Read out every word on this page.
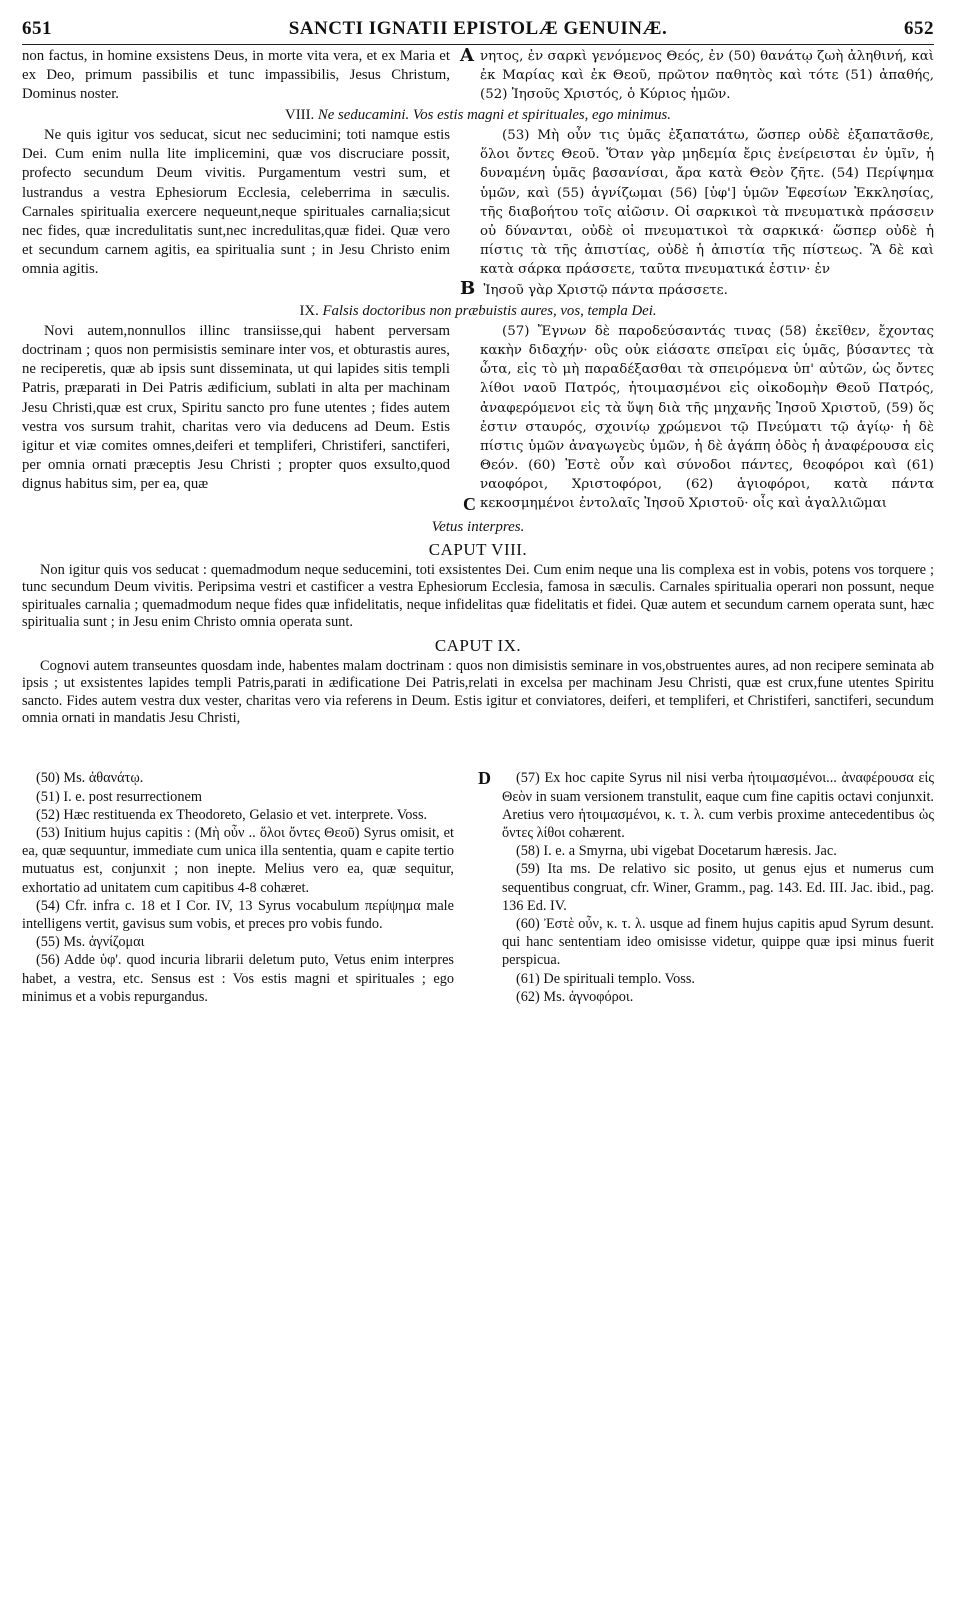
651	SANCTI IGNATII EPISTOLÆ GENUINÆ.	652
non factus, in homine exsistens Deus, in morte vita vera, et ex Maria et ex Deo, primum passibilis et tunc impassibilis, Jesus Christum, Dominus noster.
A νητος, ἐν σαρκὶ γενόμενος Θεός, ἐν (50) θανάτῳ ζωὴ ἀληθινή, καὶ ἐκ Μαρίας καὶ ἐκ Θεοῦ, πρῶτον παθητὸς καὶ τότε (51) ἀπαθής, (52) Ἰησοῦς Χριστός, ὁ Κύριος ἡμῶν.
VIII. Ne seducamini. Vos estis magni et spirituales, ego minimus.

Ne quis igitur vos seducat, sicut nec seducimini; toti namque estis Dei. Cum enim nulla lite implicemini, quæ vos discruciare possit, profecto secundum Deum vivitis. Purgamentum vestri sum, et lustrandus a vestra Ephesiorum Ecclesia, celeberrima in sæculis. Carnales spiritualia exercere nequeunt,neque spirituales carnalia;sicut nec fides, quæ incredulitatis sunt,nec incredulitas,quæ fidei. Quæ vero et secundum carnem agitis, ea spiritualia sunt ; in Jesu Christo enim omnia agitis.

(53) Μὴ οὖν τις ὑμᾶς ἐξαπατάτω, ὥσπερ οὐδὲ ἐξαπατᾶσθε, ὅλοι ὄντες Θεοῦ. Ὅταν γὰρ μηδεμία ἔρις ἐνείρεισται ἐν ὑμῖν, ἡ δυναμένη ὑμᾶς βασανίσαι, ἄρα κατὰ Θεὸν ζῆτε. (54) Περίψημα ὑμῶν, καὶ (55) ἁγνίζωμαι (56) [ὑφ'] ὑμῶν Ἐφεσίων Ἐκκλησίας, τῆς διαβοήτου τοῖς αἰῶσιν. Οἱ σαρκικοὶ τὰ πνευματικὰ πράσσειν οὐ δύνανται, οὐδὲ οἱ πνευματικοὶ τὰ σαρκικά· ὥσπερ οὐδὲ ἡ πίστις τὰ τῆς ἀπιστίας, οὐδὲ ἡ ἀπιστία τῆς πίστεως. Ἃ δὲ καὶ κατὰ σάρκα πράσσετε, ταῦτα πνευματικά ἐστιν· ἐν

B Ἰησοῦ γὰρ Χριστῷ πάντα πράσσετε.
IX. Falsis doctoribus non præbuistis aures, vos, templa Dei.

Novi autem,nonnullos illinc transiisse,qui habent perversam doctrinam ; quos non permisistis seminare inter vos, et obturastis aures, ne reciperetis, quæ ab ipsis sunt disseminata, ut qui lapides sitis templi Patris, præparati in Dei Patris ædificium, sublati in alta per machinam Jesu Christi,quæ est crux, Spiritu sancto pro fune utentes ; fides autem vestra vos sursum trahit, charitas vero via deducens ad Deum. Estis igitur et viæ comites omnes,deiferi et templiferi, Christiferi, sanctiferi, per omnia ornati præceptis Jesu Christi ; propter quos exsulto,quod dignus habitus sim, per ea, quæ

C

(57) Ἔγνων δὲ παροδεύσαντάς τινας (58) ἐκεῖθεν, ἔχοντας κακὴν διδαχήν· οὓς οὐκ εἰάσατε σπεῖραι εἰς ὑμᾶς, βύσαντες τὰ ὦτα, εἰς τὸ μὴ παραδέξασθαι τὰ σπειρόμενα ὑπ' αὐτῶν, ὡς ὄντες λίθοι ναοῦ Πατρός, ἡτοιμασμένοι εἰς οἰκοδομὴν Θεοῦ Πατρός, ἀναφερόμενοι εἰς τὰ ὕψη διὰ τῆς μηχανῆς Ἰησοῦ Χριστοῦ, (59) ὅς ἐστιν σταυρός, σχοινίῳ χρώμενοι τῷ Πνεύματι τῷ ἁγίῳ· ἡ δὲ πίστις ὑμῶν ἀναγωγεὺς ὑμῶν, ἡ δὲ ἀγάπη ὁδὸς ἡ ἀναφέρουσα εἰς Θεόν. (60) Ἐστὲ οὖν καὶ σύνοδοι πάντες, θεοφόροι καὶ (61) ναοφόροι, Χριστοφόροι, (62) ἁγιοφόροι, κατὰ πάντα κεκοσμημένοι ἐντολαῖς Ἰησοῦ Χριστοῦ· οἷς καὶ ἀγαλλιῶμαι

Vetus interpres.
CAPUT VIII.

Non igitur quis vos seducat : quemadmodum neque seducemini, toti exsistentes Dei. Cum enim neque una lis complexa est in vobis, potens vos torquere ; tunc secundum Deum vivitis. Peripsima vestri et castificer a vestra Ephesiorum Ecclesia, famosa in sæculis. Carnales spiritualia operari non possunt, neque spirituales carnalia ; quemadmodum neque fides quæ infidelitatis, neque infidelitas quæ fidelitatis et fidei. Quæ autem et secundum carnem operata sunt, hæc spiritualia sunt ; in Jesu enim Christo omnia operata sunt.

CAPUT IX.

Cognovi autem transeuntes quosdam inde, habentes malam doctrinam : quos non dimisistis seminare in vos,obstruentes aures, ad non recipere seminata ab ipsis ; ut exsistentes lapides templi Patris,parati in ædificatione Dei Patris,relati in excelsa per machinam Jesu Christi, quæ est crux,fune utentes Spiritu sancto. Fides autem vestra dux vester, charitas vero via referens in Deum. Estis igitur et conviatores, deiferi, et templiferi, et Christiferi, sanctiferi, secundum omnia ornati in mandatis Jesu Christi,

(50) Ms. ἀθανάτῳ.

(51) I. e. post resurrectionem

(52) Hæc restituenda ex Theodoreto, Gelasio et vet. interprete. Voss.

(53) Initium hujus capitis : (Μὴ οὖν .. ὅλοι ὄντες Θεοῦ) Syrus omisit, et ea, quæ sequuntur, immediate cum unica illa sententia, quam e capite tertio mutuatus est, conjunxit ; non inepte. Melius vero ea, quæ sequitur, exhortatio ad unitatem cum capitibus 4-8 cohæret.

(54) Cfr. infra c. 18 et I Cor. IV, 13 Syrus vocabulum περίψημα male intelligens vertit, gavisus sum vobis, et preces pro vobis fundo.

(55) Ms. ἁγνίζομαι

(56) Adde ὑφ'. quod incuria librarii deletum puto, Vetus enim interpres habet, a vestra, etc. Sensus est : Vos estis magni et spirituales ; ego minimus et a vobis repurgandus.

D	(57) Ex hoc capite Syrus nil nisi verba ἡτοιμασμένοι... ἀναφέρουσα εἰς Θεὸν in suam versionem transtulit, eaque cum fine capitis octavi conjunxit. Aretius vero ἡτοιμασμένοι, κ. τ. λ. cum verbis proxime antecedentibus ὡς ὄντες λίθοι cohærent.

(58) I. e. a Smyrna, ubi vigebat Docetarum hæresis. Jac.

(59) Ita ms. De relativo sic posito, ut genus ejus et numerus cum sequentibus congruat, cfr. Winer, Gramm., pag. 143. Ed. III. Jac. ibid., pag. 136 Ed. IV.

(60) Ἐστὲ οὖν, κ. τ. λ. usque ad finem hujus capitis apud Syrum desunt. qui hanc sententiam ideo omisisse videtur, quippe quæ ipsi minus fuerit perspicua.

(61) De spirituali templo. Voss.

(62) Ms. ἁγνοφόροι.
